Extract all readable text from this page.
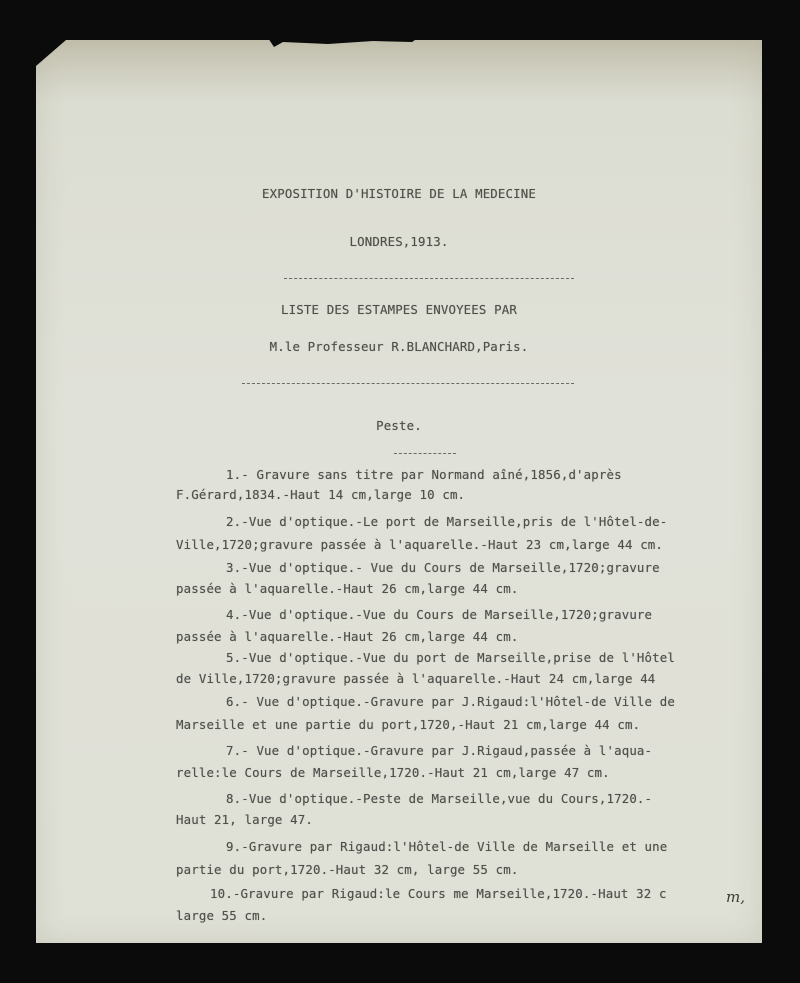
EXPOSITION D'HISTOIRE DE LA MEDECINE
LONDRES,1913.
LISTE DES ESTAMPES ENVOYEES PAR
M.le Professeur R.BLANCHARD,Paris.
Peste.
1.- Gravure sans titre par Normand aîné,1856,d'après
F.Gérard,1834.-Haut 14 cm,large 10 cm.
2.-Vue d'optique.-Le port de Marseille,pris de l'Hôtel-de-
Ville,1720;gravure passée à l'aquarelle.-Haut 23 cm,large 44 cm.
3.-Vue d'optique.- Vue du Cours de Marseille,1720;gravure
passée à l'aquarelle.-Haut 26 cm,large 44 cm.
4.-Vue d'optique.-Vue du Cours de Marseille,1720;gravure
passée à l'aquarelle.-Haut 26 cm,large 44 cm.
5.-Vue d'optique.-Vue du port de Marseille,prise de l'Hôtel
de Ville,1720;gravure passée à l'aquarelle.-Haut 24 cm,large 44
6.- Vue d'optique.-Gravure par J.Rigaud:l'Hôtel-de Ville de
Marseille et une partie du port,1720,-Haut 21 cm,large 44 cm.
7.- Vue d'optique.-Gravure par J.Rigaud,passée à l'aqua-
relle:le Cours de Marseille,1720.-Haut 21 cm,large 47 cm.
8.-Vue d'optique.-Peste de Marseille,vue du Cours,1720.-
Haut 21, large 47.
9.-Gravure par Rigaud:l'Hôtel-de Ville de Marseille et une
partie du port,1720.-Haut 32 cm, large 55 cm.
10.-Gravure par Rigaud:le Cours me Marseille,1720.-Haut 32 c	m,
large 55 cm.
